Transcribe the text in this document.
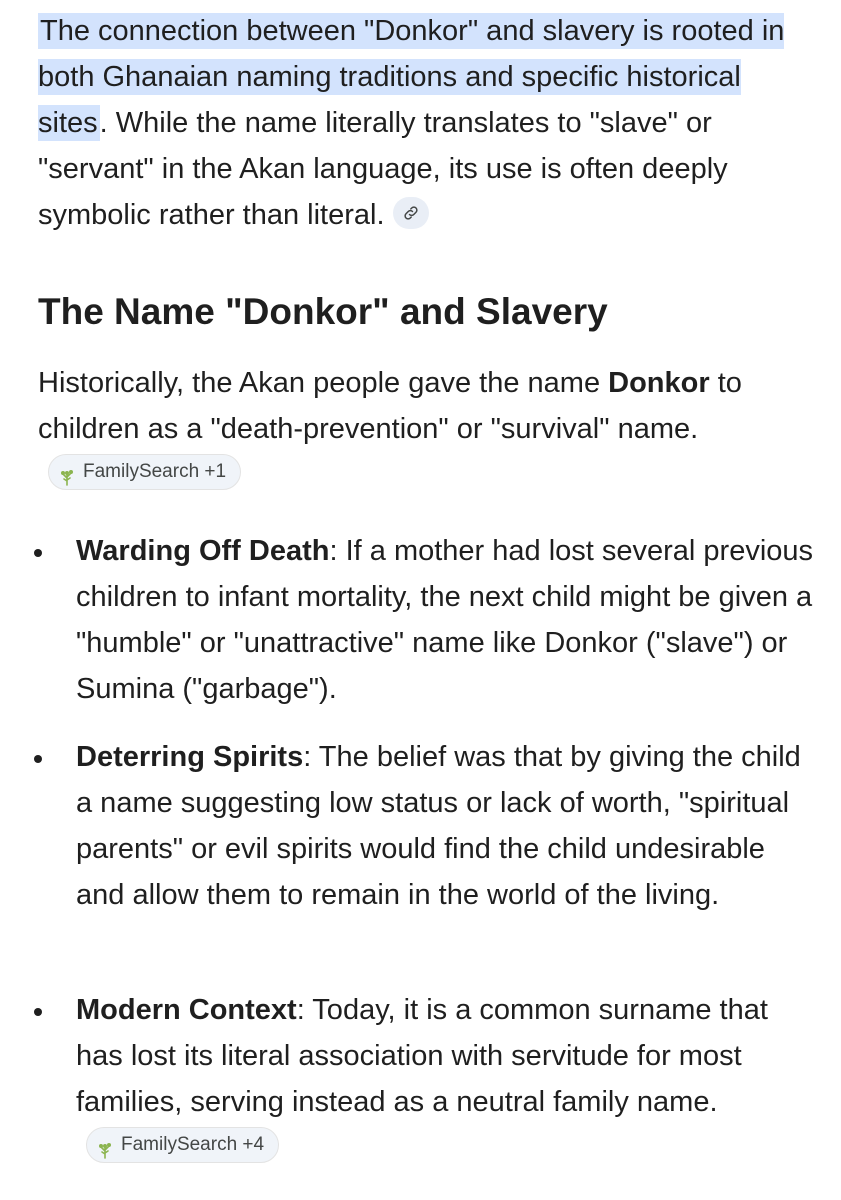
The connection between "Donkor" and slavery is rooted in both Ghanaian naming traditions and specific historical sites. While the name literally translates to "slave" or "servant" in the Akan language, its use is often deeply symbolic rather than literal.

The Name "Donkor" and Slavery

Historically, the Akan people gave the name Donkor to children as a "death-prevention" or "survival" name.
FamilySearch +1

Warding Off Death: If a mother had lost several previous children to infant mortality, the next child might be given a "humble" or "unattractive" name like Donkor ("slave") or Sumina ("garbage").

Deterring Spirits: The belief was that by giving the child a name suggesting low status or lack of worth, "spiritual parents" or evil spirits would find the child undesirable and allow them to remain in the world of the living.

Modern Context: Today, it is a common surname that has lost its literal association with servitude for most families, serving instead as a neutral family name.
FamilySearch +4
